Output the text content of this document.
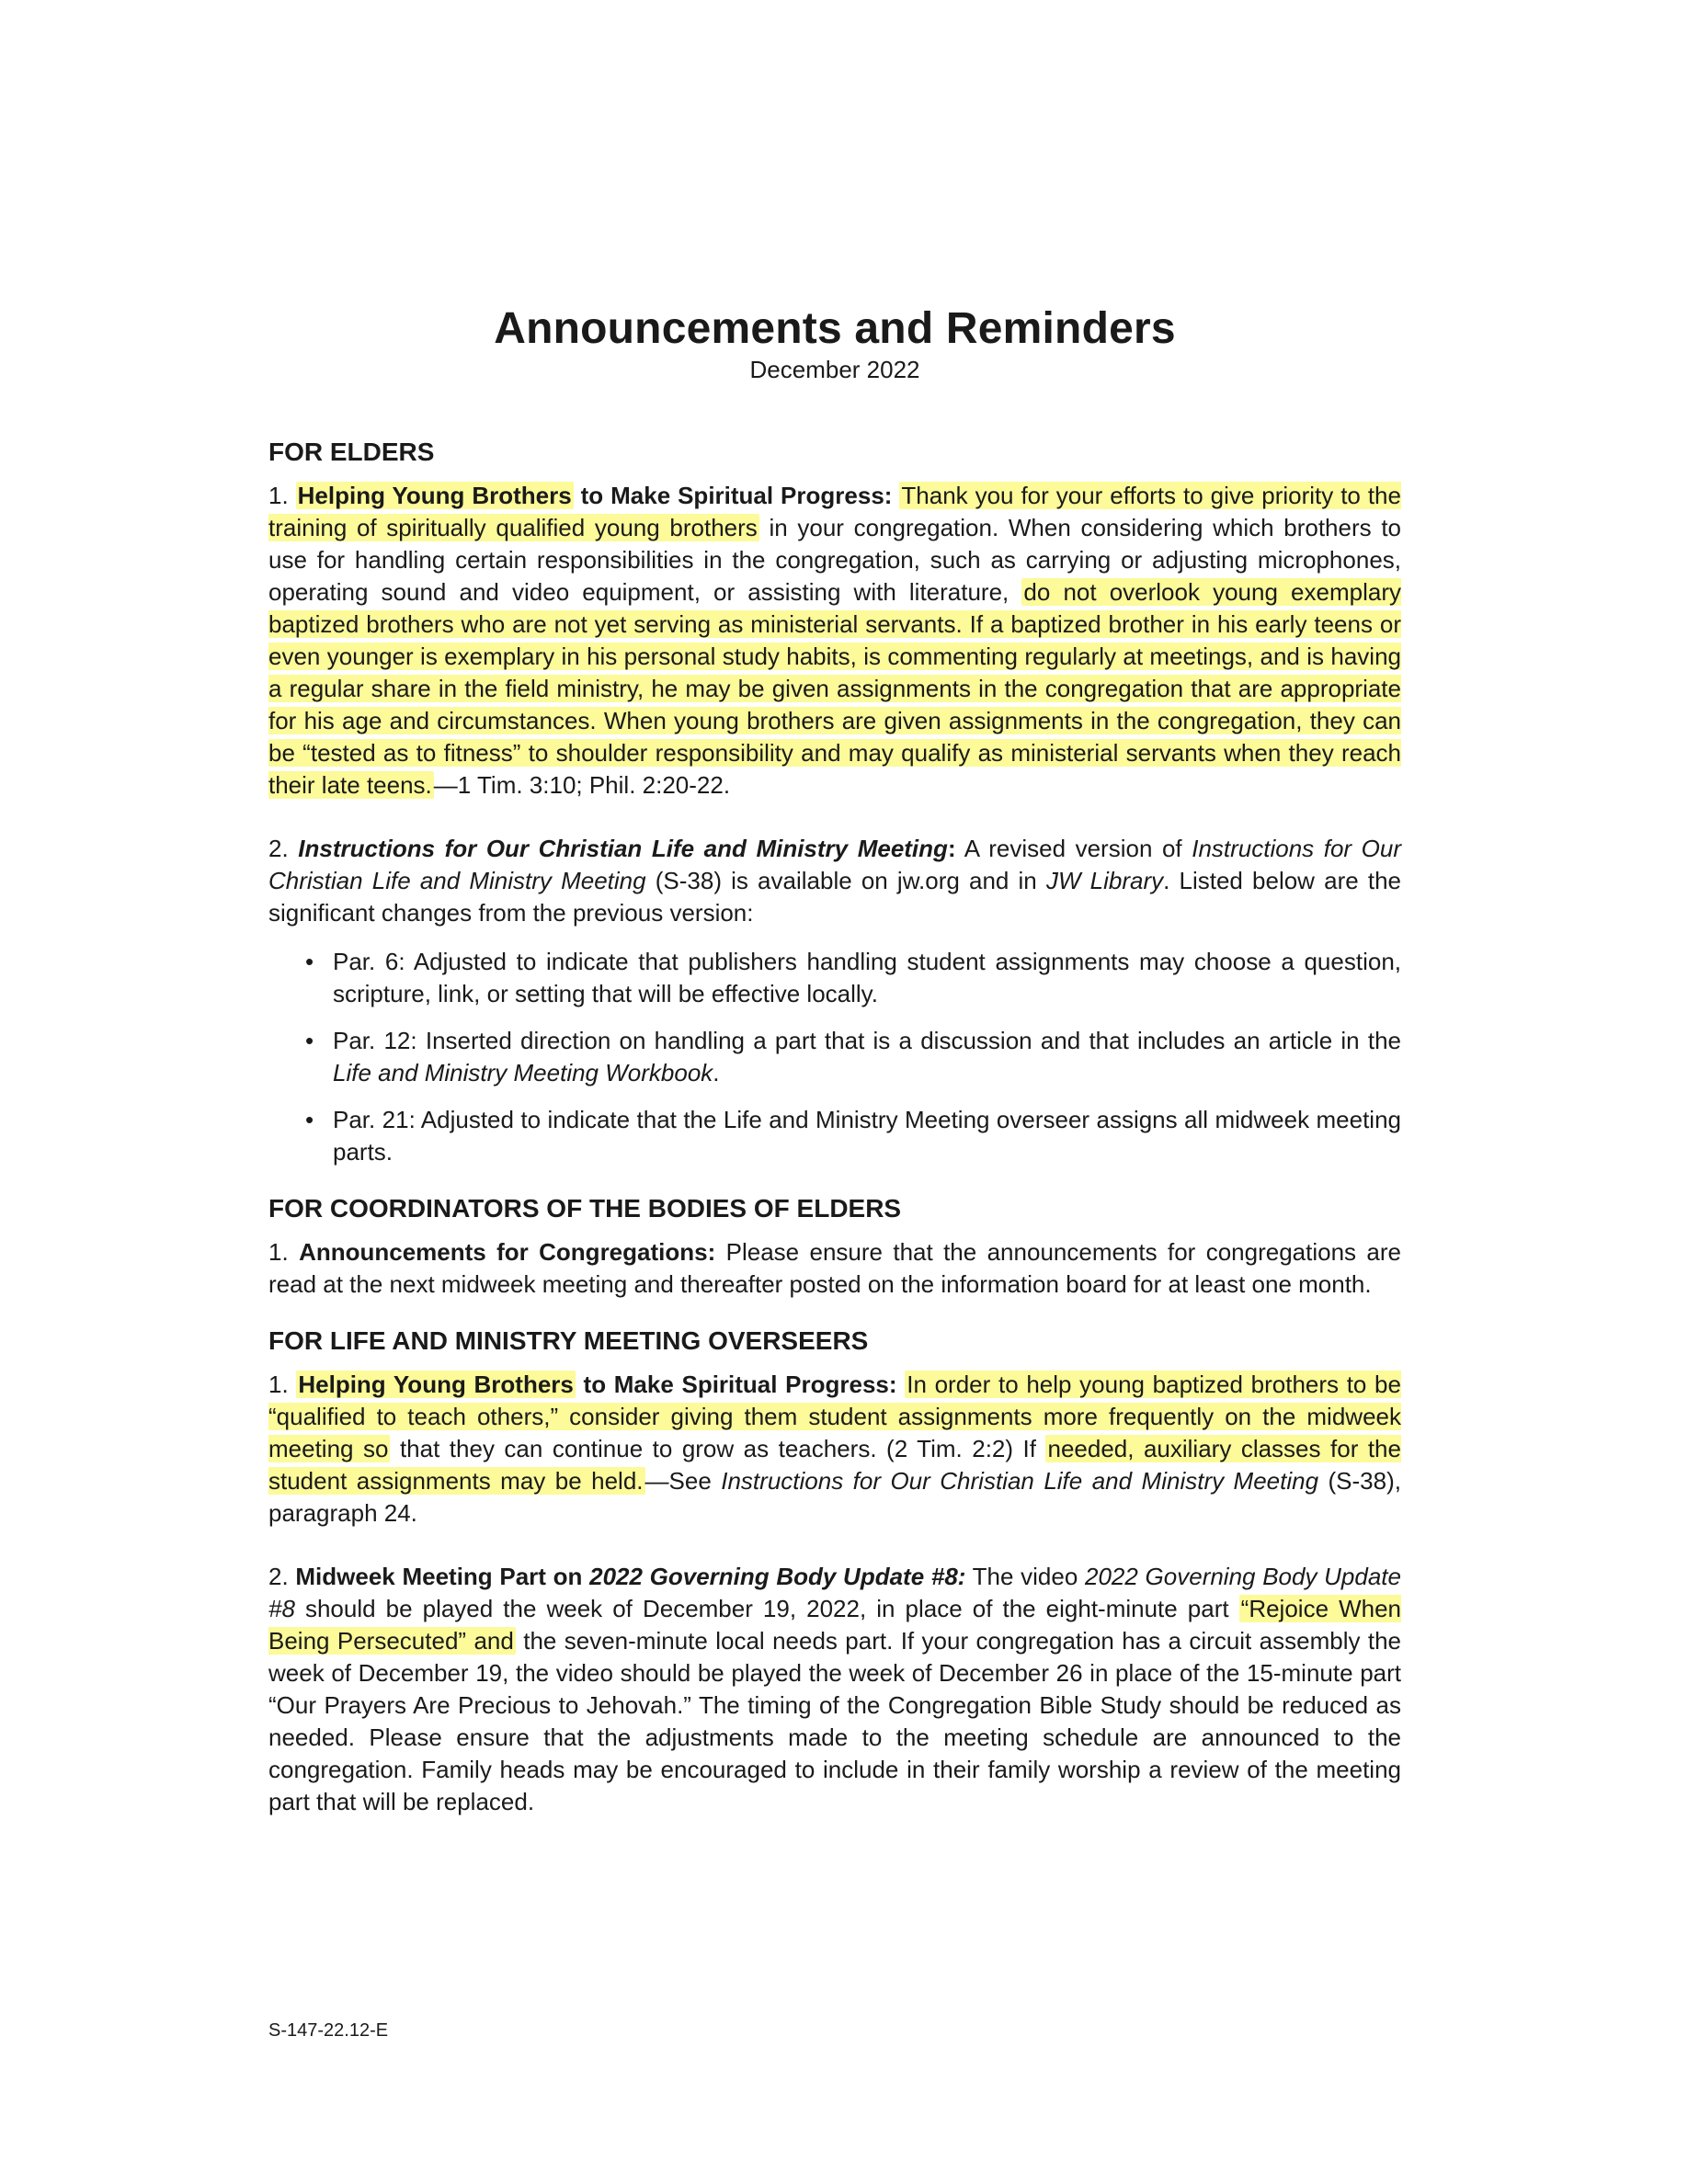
Announcements and Reminders
December 2022
FOR ELDERS

1. Helping Young Brothers to Make Spiritual Progress: Thank you for your efforts to give priority to the training of spiritually qualified young brothers in your congregation. When considering which brothers to use for handling certain responsibilities in the congregation, such as carrying or adjusting microphones, operating sound and video equipment, or assisting with literature, do not overlook young exemplary baptized brothers who are not yet serving as ministerial servants. If a baptized brother in his early teens or even younger is exemplary in his personal study habits, is commenting regularly at meetings, and is having a regular share in the field ministry, he may be given assignments in the congregation that are appropriate for his age and circumstances. When young brothers are given assignments in the congregation, they can be “tested as to fitness” to shoulder responsibility and may qualify as ministerial servants when they reach their late teens.—1 Tim. 3:10; Phil. 2:20-22.

2. Instructions for Our Christian Life and Ministry Meeting: A revised version of Instructions for Our Christian Life and Ministry Meeting (S-38) is available on jw.org and in JW Library. Listed below are the significant changes from the previous version:

• Par. 6: Adjusted to indicate that publishers handling student assignments may choose a question, scripture, link, or setting that will be effective locally.
• Par. 12: Inserted direction on handling a part that is a discussion and that includes an article in the Life and Ministry Meeting Workbook.
• Par. 21: Adjusted to indicate that the Life and Ministry Meeting overseer assigns all midweek meeting parts.
FOR COORDINATORS OF THE BODIES OF ELDERS

1. Announcements for Congregations: Please ensure that the announcements for congregations are read at the next midweek meeting and thereafter posted on the information board for at least one month.

FOR LIFE AND MINISTRY MEETING OVERSEERS

1. Helping Young Brothers to Make Spiritual Progress: In order to help young baptized brothers to be “qualified to teach others,” consider giving them student assignments more frequently on the midweek meeting so that they can continue to grow as teachers. (2 Tim. 2:2) If needed, auxiliary classes for the student assignments may be held.—See Instructions for Our Christian Life and Ministry Meeting (S-38), paragraph 24.

2. Midweek Meeting Part on 2022 Governing Body Update #8: The video 2022 Governing Body Update #8 should be played the week of December 19, 2022, in place of the eight-minute part “Rejoice When Being Persecuted” and the seven-minute local needs part. If your congregation has a circuit assembly the week of December 19, the video should be played the week of December 26 in place of the 15-minute part “Our Prayers Are Precious to Jehovah.” The timing of the Congregation Bible Study should be reduced as needed. Please ensure that the adjustments made to the meeting schedule are announced to the congregation. Family heads may be encouraged to include in their family worship a review of the meeting part that will be replaced.

S-147-22.12-E
